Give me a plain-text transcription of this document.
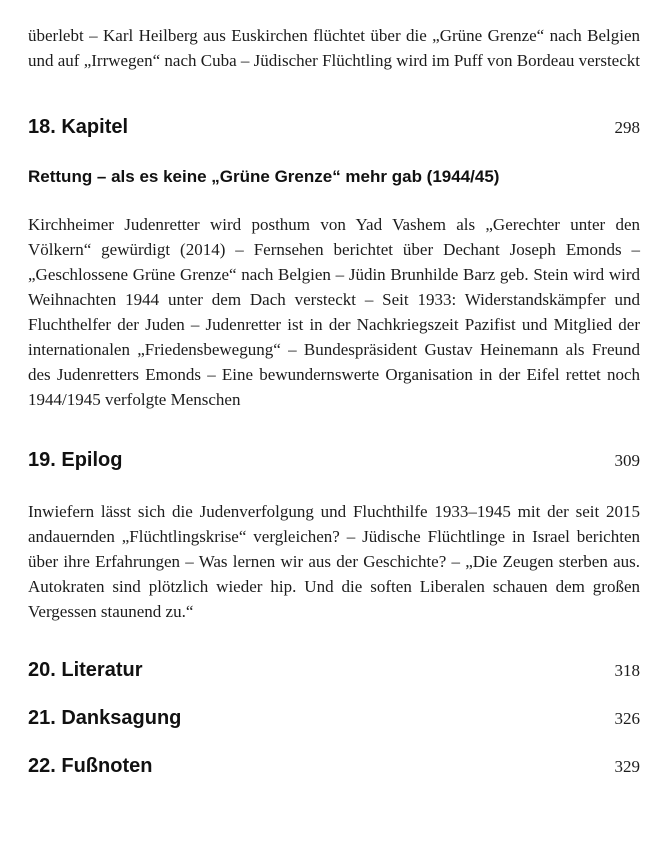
überlebt – Karl Heilberg aus Euskirchen flüchtet über die „Grüne Grenze“ nach Belgien und auf „Irrwegen“ nach Cuba – Jüdischer Flüchtling wird im Puff von Bordeau versteckt

18. Kapitel	298
Rettung – als es keine „Grüne Grenze“ mehr gab (1944/45)

Kirchheimer Judenretter wird posthum von Yad Vashem als „Gerechter unter den Völkern“ gewürdigt (2014) – Fernsehen berichtet über Dechant Joseph Emonds – „Geschlossene Grüne Grenze“ nach Belgien – Jüdin Brunhilde Barz geb. Stein wird wird Weihnachten 1944 unter dem Dach versteckt – Seit 1933: Widerstandskämpfer und Fluchthelfer der Juden – Judenretter ist in der Nachkriegszeit Pazifist und Mitglied der internationalen „Friedensbewegung“ – Bundespräsident Gustav Heinemann als Freund des Judenretters Emonds – Eine bewundernswerte Organisation in der Eifel rettet noch 1944/1945 verfolgte Menschen

19. Epilog	309

Inwiefern lässt sich die Judenverfolgung und Fluchthilfe 1933–1945 mit der seit 2015 andauernden „Flüchtlingskrise“ vergleichen? – Jüdische Flüchtlinge in Israel berichten über ihre Erfahrungen – Was lernen wir aus der Geschichte? – „Die Zeugen sterben aus. Autokraten sind plötzlich wieder hip. Und die soften Liberalen schauen dem großen Vergessen staunend zu.“

20. Literatur	318
21. Danksagung	326
22. Fußnoten	329
